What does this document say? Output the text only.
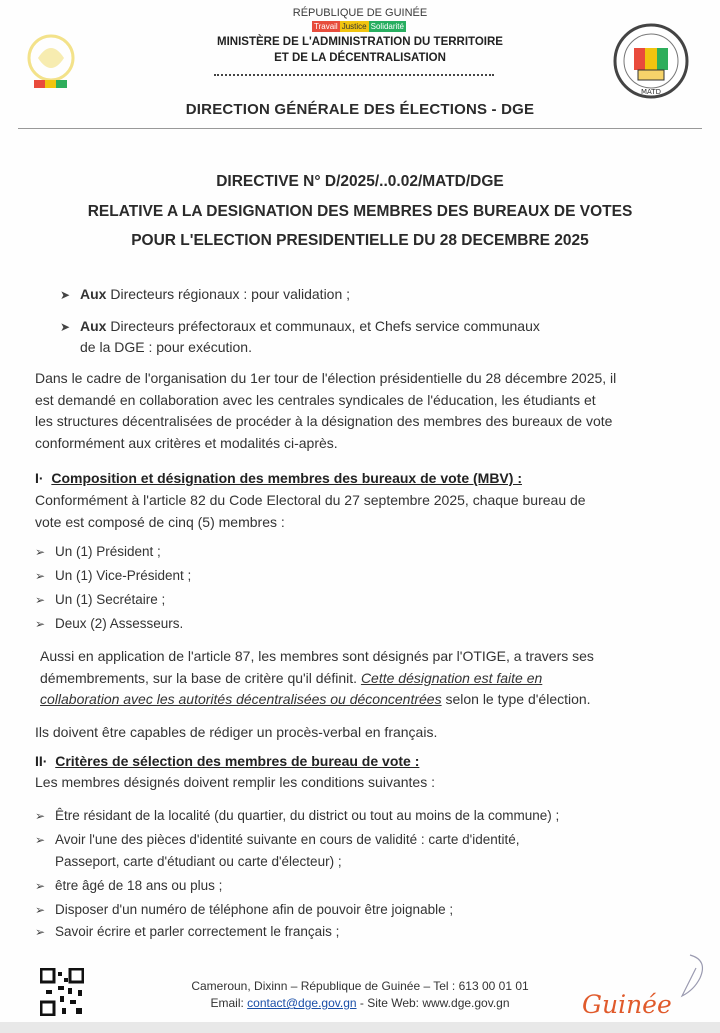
RÉPUBLIQUE DE GUINÉE
Travail Justice Solidarité
MINISTÈRE DE L'ADMINISTRATION DU TERRITOIRE
ET DE LA DÉCENTRALISATION
MATD
DIRECTION GÉNÉRALE DES ÉLECTIONS - DGE
DIRECTIVE N° D/2025/..0.02/MATD/DGE
RELATIVE A LA DESIGNATION DES MEMBRES DES BUREAUX DE VOTES
POUR L'ELECTION PRESIDENTIELLE DU 28 DECEMBRE 2025
➤ Aux Directeurs régionaux : pour validation ;
➤ Aux Directeurs préfectoraux et communaux, et Chefs service communaux
de la DGE : pour exécution.
Dans le cadre de l'organisation du 1er tour de l'élection présidentielle du 28 décembre 2025, il
est demandé en collaboration avec les centrales syndicales de l'éducation, les étudiants et
les structures décentralisées de procéder à la désignation des membres des bureaux de vote
conformément aux critères et modalités ci-après.
I· Composition et désignation des membres des bureaux de vote (MBV) :
Conformément à l'article 82 du Code Electoral du 27 septembre 2025, chaque bureau de
vote est composé de cinq (5) membres :
➢ Un (1) Président ;
➢ Un (1) Vice-Président ;
➢ Un (1) Secrétaire ;
➢ Deux (2) Assesseurs.
Aussi en application de l'article 87, les membres sont désignés par l'OTIGE, a travers ses
démembrements, sur la base de critère qu'il définit. Cette désignation est faite en
collaboration avec les autorités décentralisées ou déconcentrées selon le type d'élection.
Ils doivent être capables de rédiger un procès-verbal en français.
II· Critères de sélection des membres de bureau de vote :
Les membres désignés doivent remplir les conditions suivantes :
➢ Être résidant de la localité (du quartier, du district ou tout au moins de la commune) ;
➢ Avoir l'une des pièces d'identité suivante en cours de validité : carte d'identité,
Passeport, carte d'étudiant ou carte d'électeur) ;
➢ être âgé de 18 ans ou plus ;
➢ Disposer d'un numéro de téléphone afin de pouvoir être joignable ;
➢ Savoir écrire et parler correctement le français ;
Cameroun, Dixinn – République de Guinée – Tel : 613 00 01 01
Email: contact@dge.gov.gn - Site Web: www.dge.gov.gn	Guinée
